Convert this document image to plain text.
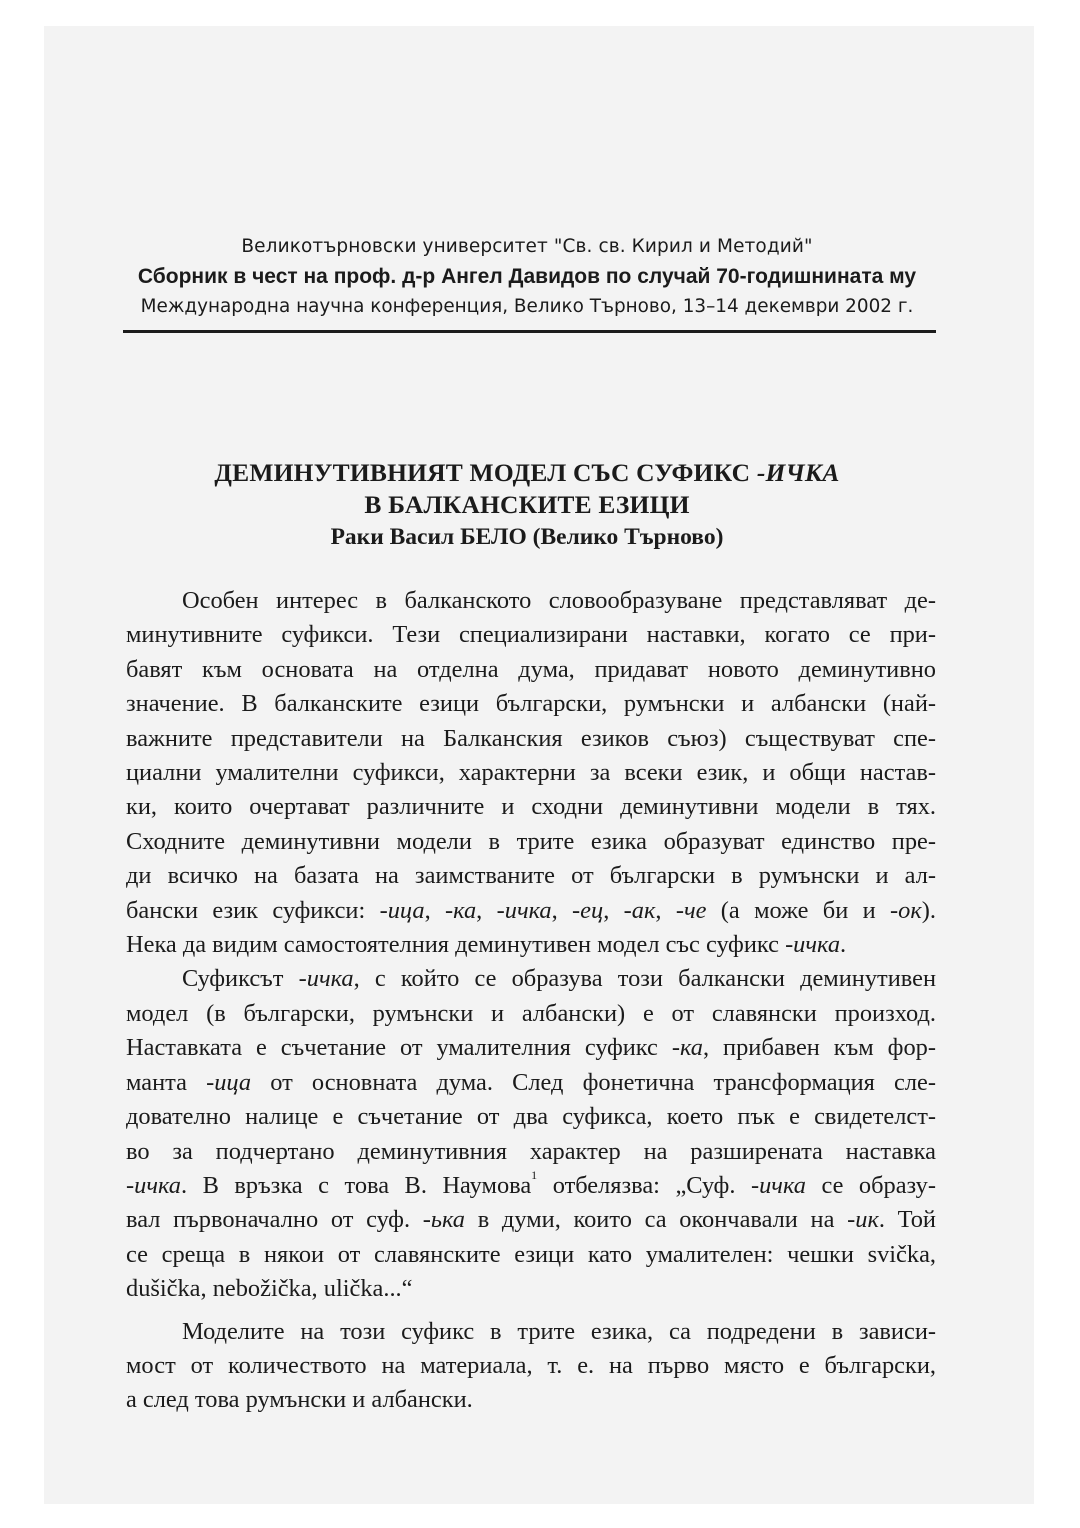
Великотърновски университет "Св. св. Кирил и Методий"
Сборник в чест на проф. д-р Ангел Давидов по случай 70-годишнината му
Международна научна конференция, Велико Търново, 13–14 декември 2002 г.
ДЕМИНУТИВНИЯТ МОДЕЛ СЪС СУФИКС -ИЧКА
В БАЛКАНСКИТЕ ЕЗИЦИ
Раки Васил БЕЛО (Велико Търново)

Особен интерес в балканското словообразуване представляват де-
минутивните суфикси. Тези специализирани наставки, когато се при-
бавят към основата на отделна дума, придават новото деминутивно
значение. В балканските езици български, румънски и албански (най-
важните представители на Балканския езиков съюз) съществуват спе-
циални умалителни суфикси, характерни за всеки език, и общи настав-
ки, които очертават различните и сходни деминутивни модели в тях.
Сходните деминутивни модели в трите езика образуват единство пре-
ди всичко на базата на заимстваните от български в румънски и ал-
бански език суфикси: -ица, -ка, -ичка, -ец, -ак, -че (а може би и -ок).
Нека да видим самостоятелния деминутивен модел със суфикс -ичка.

Суфиксът -ичка, с който се образува този балкански деминутивен
модел (в български, румънски и албански) е от славянски произход.
Наставката е съчетание от умалителния суфикс -ка, прибавен към фор-
манта -ица от основната дума. След фонетична трансформация сле-
дователно налице е съчетание от два суфикса, което пък е свидетелст-
во за подчертано деминутивния характер на разширената наставка
-ичка. В връзка с това В. Наумова$^1$ отбелязва: „Суф. -ичка се образу-
вал първоначално от суф. -ька в думи, които са окончавали на -ик. Той
се среща в някои от славянските езици като умалителен: чешки svička,
dušička, nebožička, ulička...“

Моделите на този суфикс в трите езика, са подредени в зависи-
мост от количеството на материала, т. е. на първо място е български,
а след това румънски и албански.
